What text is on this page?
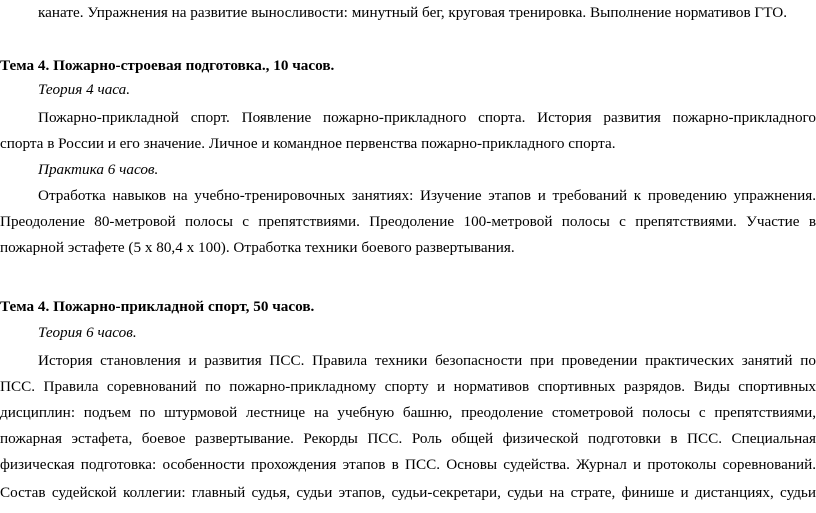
канате. Упражнения на развитие выносливости: минутный бег, круговая тренировка. Выполнение нормативов ГТО.
Тема 4. Пожарно-строевая подготовка., 10 часов.
Теория 4 часа.
Пожарно-прикладной спорт. Появление пожарно-прикладного спорта. История развития пожарно-прикладного
спорта в России и его значение. Личное и командное первенства пожарно-прикладного спорта.
Практика 6 часов.
Отработка навыков на учебно-тренировочных занятиях: Изучение этапов и требований к проведению упражнения.
Преодоление 80-метровой полосы с препятствиями. Преодоление 100-метровой полосы с препятствиями. Участие в
пожарной эстафете (5 х 80,4 х 100). Отработка техники боевого развертывания.
Тема 4. Пожарно-прикладной спорт, 50 часов.
Теория 6 часов.
История становления и развития ПСС. Правила техники безопасности при проведении практических занятий по
ПСС. Правила соревнований по пожарно-прикладному спорту и нормативов спортивных разрядов. Виды спортивных
дисциплин: подъем по штурмовой лестнице на учебную башню, преодоление стометровой полосы с препятствиями,
пожарная эстафета, боевое развертывание. Рекорды ПСС. Роль общей физической подготовки в ПСС. Специальная
физическая подготовка: особенности прохождения этапов в ПСС. Основы судейства. Журнал и протоколы соревнований.
Состав судейской коллегии: главный судья, судьи этапов, судьи-секретари, судьи на страте, финише и дистанциях, судьи
